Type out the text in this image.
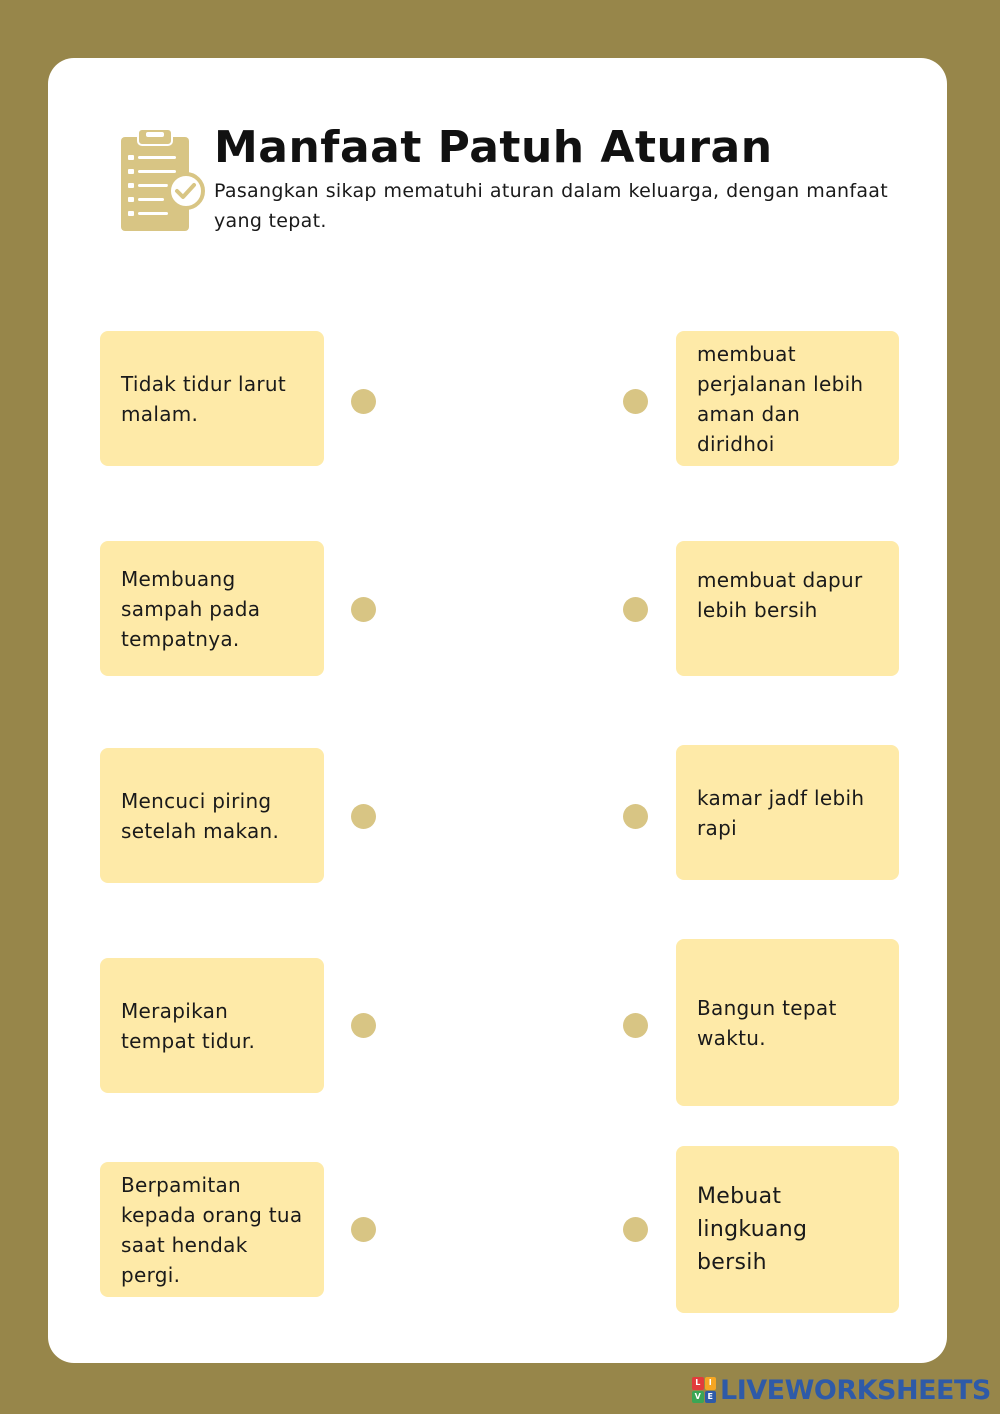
Manfaat Patuh Aturan

Pasangkan sikap mematuhi aturan dalam keluarga, dengan manfaat yang tepat.

Tidak tidur larut malam.
Membuang sampah pada tempatnya.
Mencuci piring setelah makan.
Merapikan tempat tidur.
Berpamitan kepada orang tua saat hendak pergi.
membuat perjalanan lebih aman dan diridhoi
membuat dapur lebih bersih
kamar jadf lebih rapi
Bangun tepat waktu.
Mebuat lingkuang bersih
L	I
V E LIVEWORKSHEETS
